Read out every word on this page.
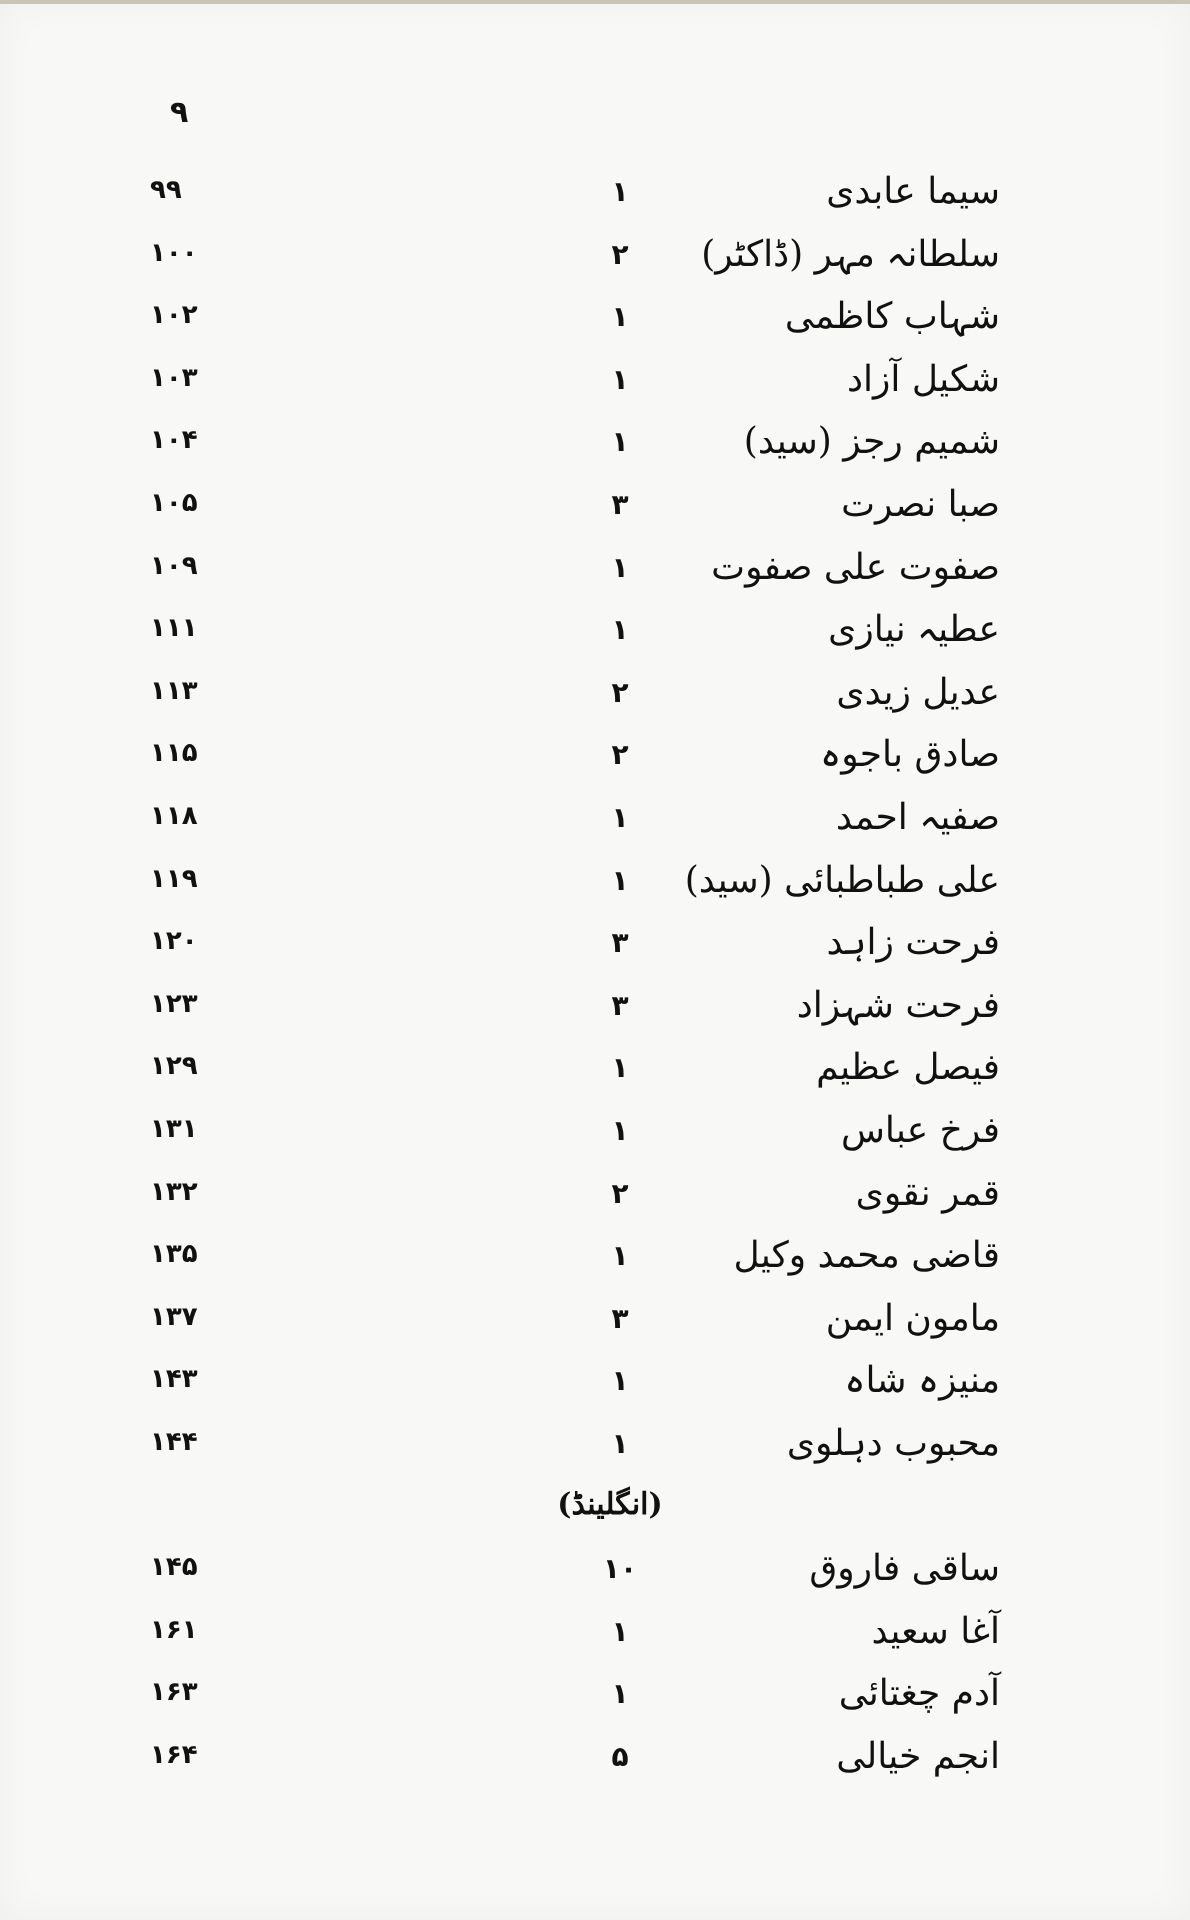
۹
سیما عابدی
۱
۹۹
سلطانہ مہر (ڈاکٹر)
۲
۱۰۰
شہاب کاظمی
۱
۱۰۲
شکیل آزاد
۱
۱۰۳
شمیم رجز (سید)
۱
۱۰۴
صبا نصرت
۳
۱۰۵
صفوت علی صفوت
۱
۱۰۹
عطیہ نیازی
۱
۱۱۱
عدیل زیدی
۲
۱۱۳
صادق باجوہ
۲
۱۱۵
صفیہ احمد
۱
۱۱۸
علی طباطبائی (سید)
۱
۱۱۹
فرحت زاہد
۳
۱۲۰
فرحت شہزاد
۳
۱۲۳
فیصل عظیم
۱
۱۲۹
فرخ عباس
۱
۱۳۱
قمر نقوی
۲
۱۳۲
قاضی محمد وکیل
۱
۱۳۵
مامون ایمن
۳
۱۳۷
منیزہ شاہ
۱
۱۴۳
محبوب دہلوی
۱
۱۴۴
(انگلینڈ)
ساقی فاروق
۱۰
۱۴۵
آغا سعید
۱
۱۶۱
آدم چغتائی
۱
۱۶۳
انجم خیالی
۵
۱۶۴
